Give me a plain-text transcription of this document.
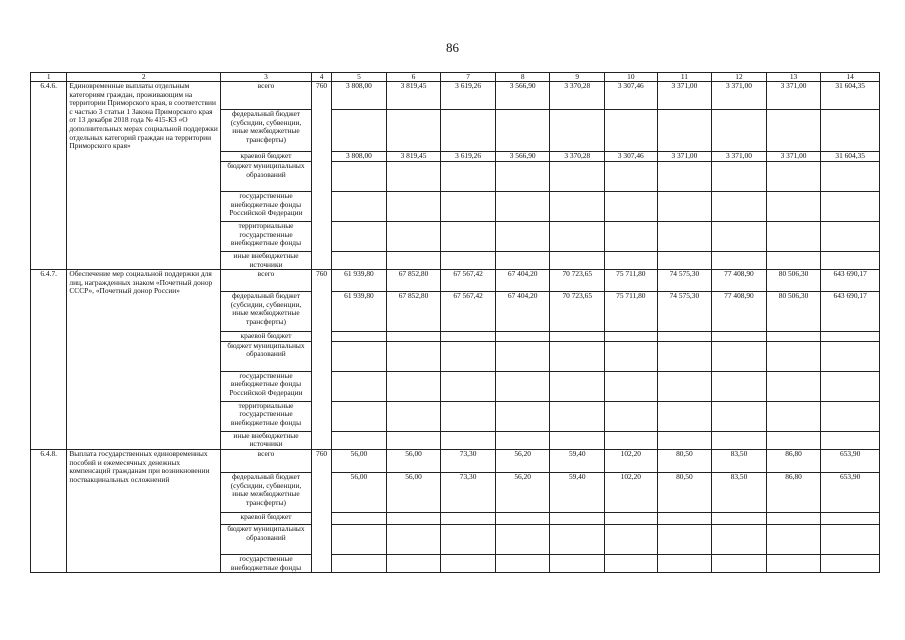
86
1	2	3	4	5	6	7	8	9	10	11	12	13	14
6.4.6.	Единовременные выплаты отдельным категориям граждан, проживающим на территории Приморского края, в соответствии с частью 3 статьи 1 Закона Приморского края от 13 декабря 2018 года № 415-КЗ «О дополнительных мерах социальной поддержки отдельных категорий граждан на территории Приморского края»	всего	760	3 808,00	3 819,45	3 619,26	3 566,90	3 370,28	3 307,46	3 371,00	3 371,00	3 371,00	31 604,35
		федеральный бюджет (субсидии, субвенции, иные межбюджетные трансферты)											
		краевой бюджет		3 808,00	3 819,45	3 619,26	3 566,90	3 370,28	3 307,46	3 371,00	3 371,00	3 371,00	31 604,35
		бюджет муниципальных образований											
		государственные внебюджетные фонды Российской Федерации											
		территориальные государственные внебюджетные фонды											
		иные внебюджетные источники											
6.4.7.	Обеспечение мер социальной поддержки для лиц, награжденных знаком «Почетный донор СССР», «Почетный донор России»	всего	760	61 939,80	67 852,80	67 567,42	67 404,20	70 723,65	75 711,80	74 575,30	77 408,90	80 506,30	643 690,17
		федеральный бюджет (субсидии, субвенции, иные межбюджетные трансферты)		61 939,80	67 852,80	67 567,42	67 404,20	70 723,65	75 711,80	74 575,30	77 408,90	80 506,30	643 690,17
		краевой бюджет											
		бюджет муниципальных образований											
		государственные внебюджетные фонды Российской Федерации											
		территориальные государственные внебюджетные фонды											
		иные внебюджетные источники											
6.4.8.	Выплата государственных единовременных пособий и ежемесячных денежных компенсаций гражданам при возникновении поствакцинальных осложнений	всего	760	56,00	56,00	73,30	56,20	59,40	102,20	80,50	83,50	86,80	653,90
		федеральный бюджет (субсидии, субвенции, иные межбюджетные трансферты)		56,00	56,00	73,30	56,20	59,40	102,20	80,50	83,50	86,80	653,90
		краевой бюджет											
		бюджет муниципальных образований											
		государственные внебюджетные фонды											
